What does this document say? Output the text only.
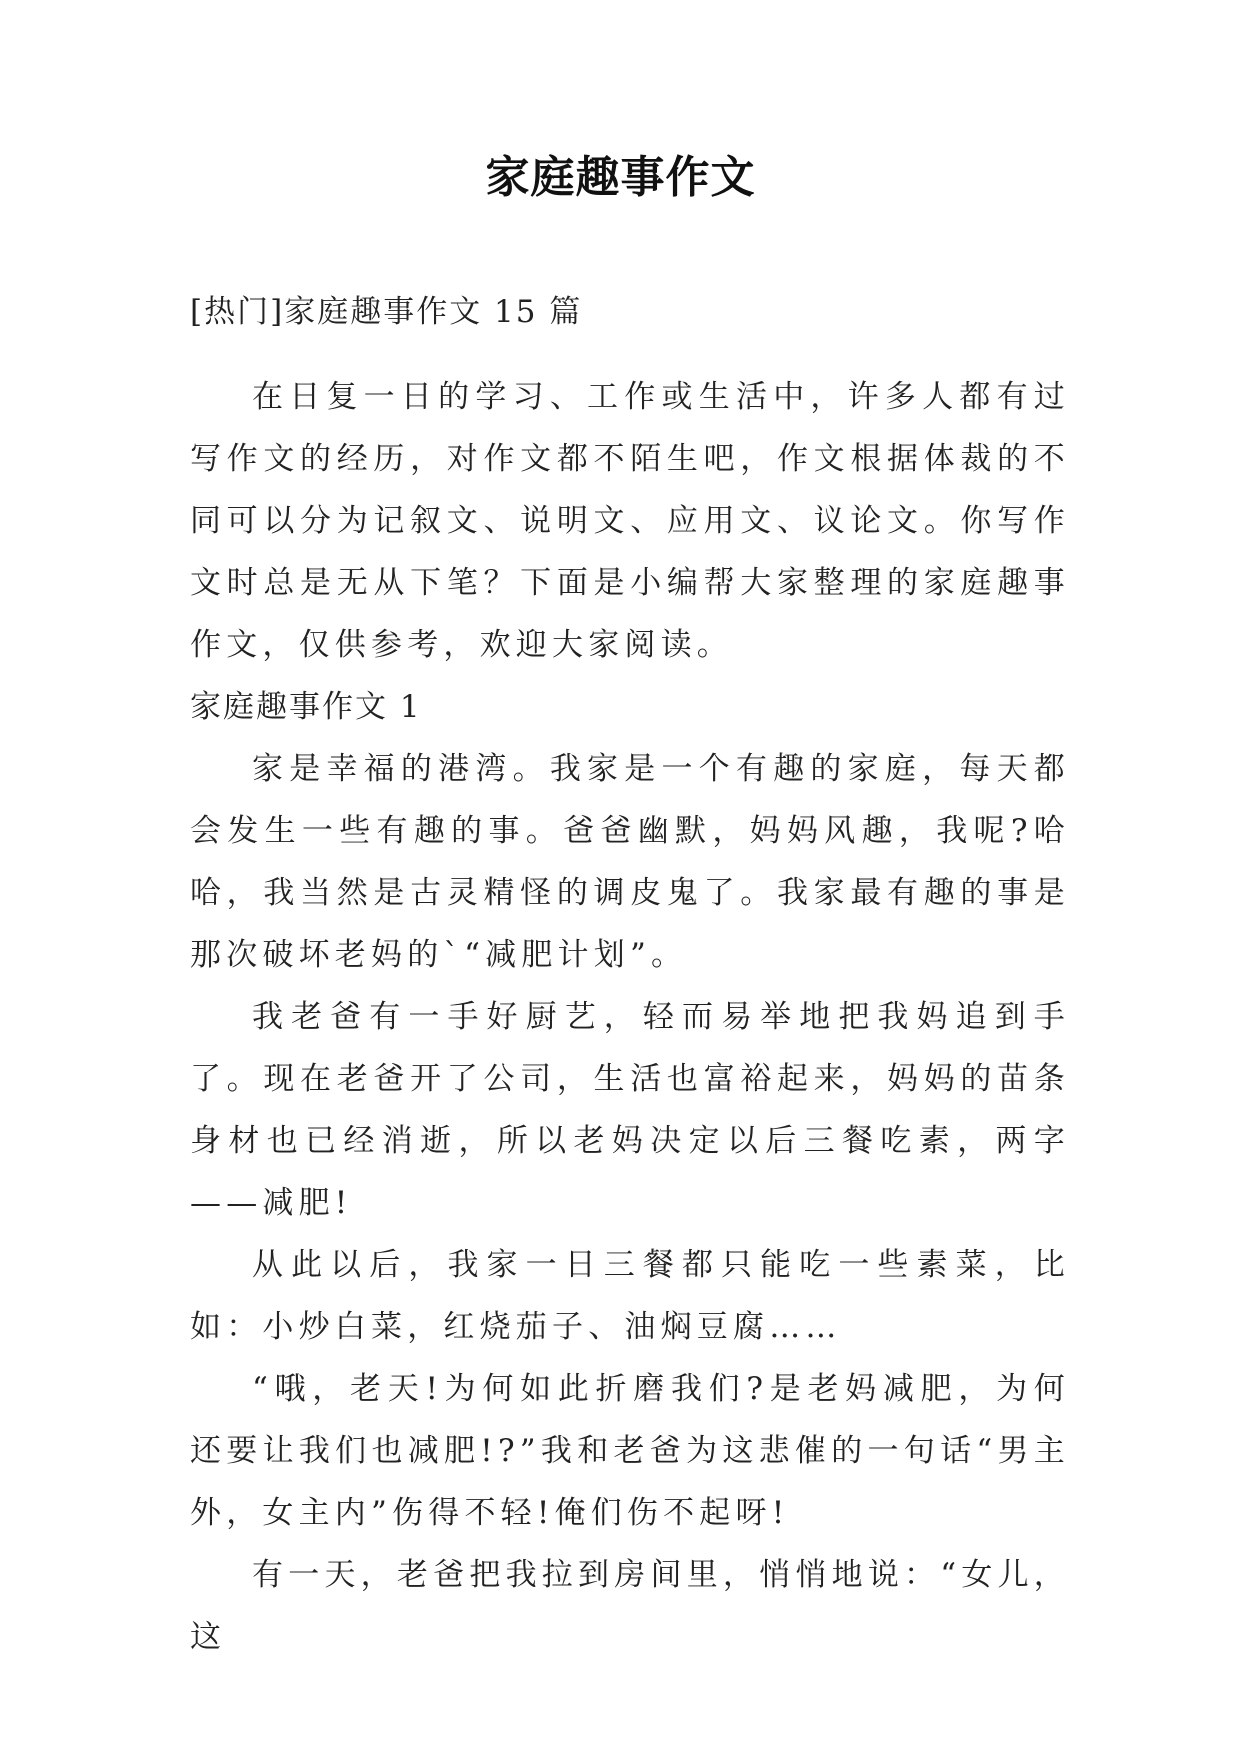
家庭趣事作文
[热门]家庭趣事作文 15 篇

在日复一日的学习、工作或生活中，许多人都有过写作文的经历，对作文都不陌生吧，作文根据体裁的不同可以分为记叙文、说明文、应用文、议论文。你写作文时总是无从下笔？下面是小编帮大家整理的家庭趣事作文，仅供参考，欢迎大家阅读。

家庭趣事作文 1

家是幸福的港湾。我家是一个有趣的家庭，每天都会发生一些有趣的事。爸爸幽默，妈妈风趣，我呢?哈哈，我当然是古灵精怪的调皮鬼了。我家最有趣的事是那次破坏老妈的`“减肥计划”。

我老爸有一手好厨艺，轻而易举地把我妈追到手了。现在老爸开了公司，生活也富裕起来，妈妈的苗条身材也已经消逝，所以老妈决定以后三餐吃素，两字——减肥!

从此以后，我家一日三餐都只能吃一些素菜，比如：小炒白菜，红烧茄子、油焖豆腐……

“哦，老天!为何如此折磨我们?是老妈减肥，为何还要让我们也减肥!?”我和老爸为这悲催的一句话“男主外，女主内”伤得不轻!俺们伤不起呀!

有一天，老爸把我拉到房间里，悄悄地说：“女儿，这
